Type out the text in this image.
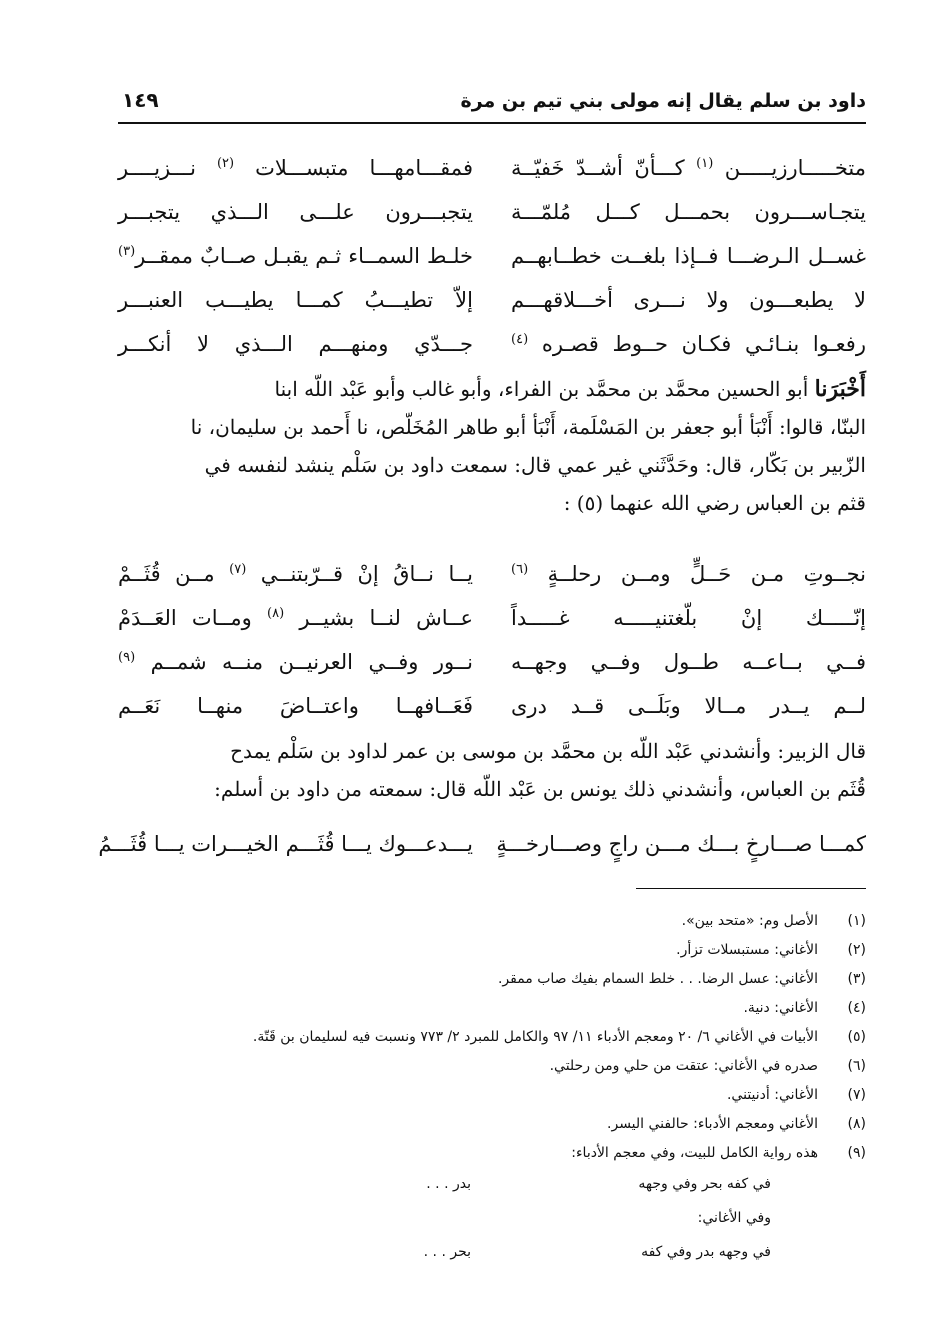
داود بن سلم يقال إنه مولى بني تيم بن مرة
١٤٩
متخـــــارزيـــــن $^{(١)}$ كـــأنّ أشــدّ خَفيّــة
فمقـــامهـــا متبســـلات $^{(٢)}$ نـــزيــــر
يتجـاســـرون بحمـــل كـــل مُلمّـــة
يتجبـــرون علـــى الـــذي يتجبـــر
غســل الـرضـــا فــإذا بلغــت خطــابهــم
خلـط السمــاء ثـم يقبـل صــابٌ ممقــر$^{(٣)}$
لا يطبعـــون ولا نـــرى أخـــلاقهـــم
إلاّ تطيـــبُ كمـــا يطيـــب العنبـــر
رفعـوا بنـائـي فكـان حــوط قصـره $^{(٤)}$
جـــدّي ومنهـــم الـــذي لا أنكـــر
أَخْبَرَنا أبو الحسين محمَّد بن محمَّد بن الفراء، وأبو غالب وأبو عَبْد اللّه ابنا
البنّا، قالوا: أَنْبَأ أبو جعفر بن المَسْلَمة، أَنْبَأ أبو طاهر المُخَلّص، نا أَحمد بن سليمان، نا
الزّبير بن بَكّار، قال: وحَدَّثَني غير عمي قال: سمعت داود بن سَلْم ينشد لنفسه في
قثم بن العباس رضي الله عنهما (٥) :
نجــوتِ مـن حَــلٍّ ومــن رحلــةٍ $^{(٦)}$
يــا نــاقُ إنْ قــرّبتنــي $^{(٧)}$ مــن قُثَــمْ
إنّـــــك إنْ بلّغتنيـــــه غـــــداً
عــاش لنــا بشيــر $^{(٨)}$ ومــات العَــدَمْ
فــي بــاعــه طــول وفــي وجهــه
نــور وفــي العرنيــن منــه شمــم $^{(٩)}$
لــم يــدر مــالا وبَلَــى قــد درى
فَعَــافهــا واعتــاضَ منهــا نَعَــم
قال الزبير: وأنشدني عَبْد اللّه بن محمَّد بن موسى بن عمر لداود بن سَلْم يمدح
قُثَم بن العباس، وأنشدني ذلك يونس بن عَبْد اللّه قال: سمعته من داود بن أسلم:
كمـــا صـــارخٍ بـــك مـــن راجٍ وصـــارخـــةٍ
يـــدعـــوك يـــا قُثَـــم الخيـــرات يـــا قُثَـــمُ
(١)
الأصل وم: «متحد بين».
(٢)
الأغاني: مستبسلات تزأر.
(٣)
الأغاني: عسل الرضا. . . خلط السمام بفيك صاب ممقر.
(٤)
الأغاني: دنية.
(٥)
الأبيات في الأغاني ٦/ ٢٠ ومعجم الأدباء ١١/ ٩٧ والكامل للمبرد ٢/ ٧٧٣ ونسبت فيه لسليمان بن قَتّة.
(٦)
صدره في الأغاني: عتقت من حلي ومن رحلتي.
(٧)
الأغاني: أدنيتني.
(٨)
الأغاني ومعجم الأدباء: حالفني اليسر.
(٩)
هذه رواية الكامل للبيت، وفي معجم الأدباء:
في كفه بحر وفي وجهه
بدر . . .
وفي الأغاني:
في وجهه بدر وفي كفه
بحر . . .
